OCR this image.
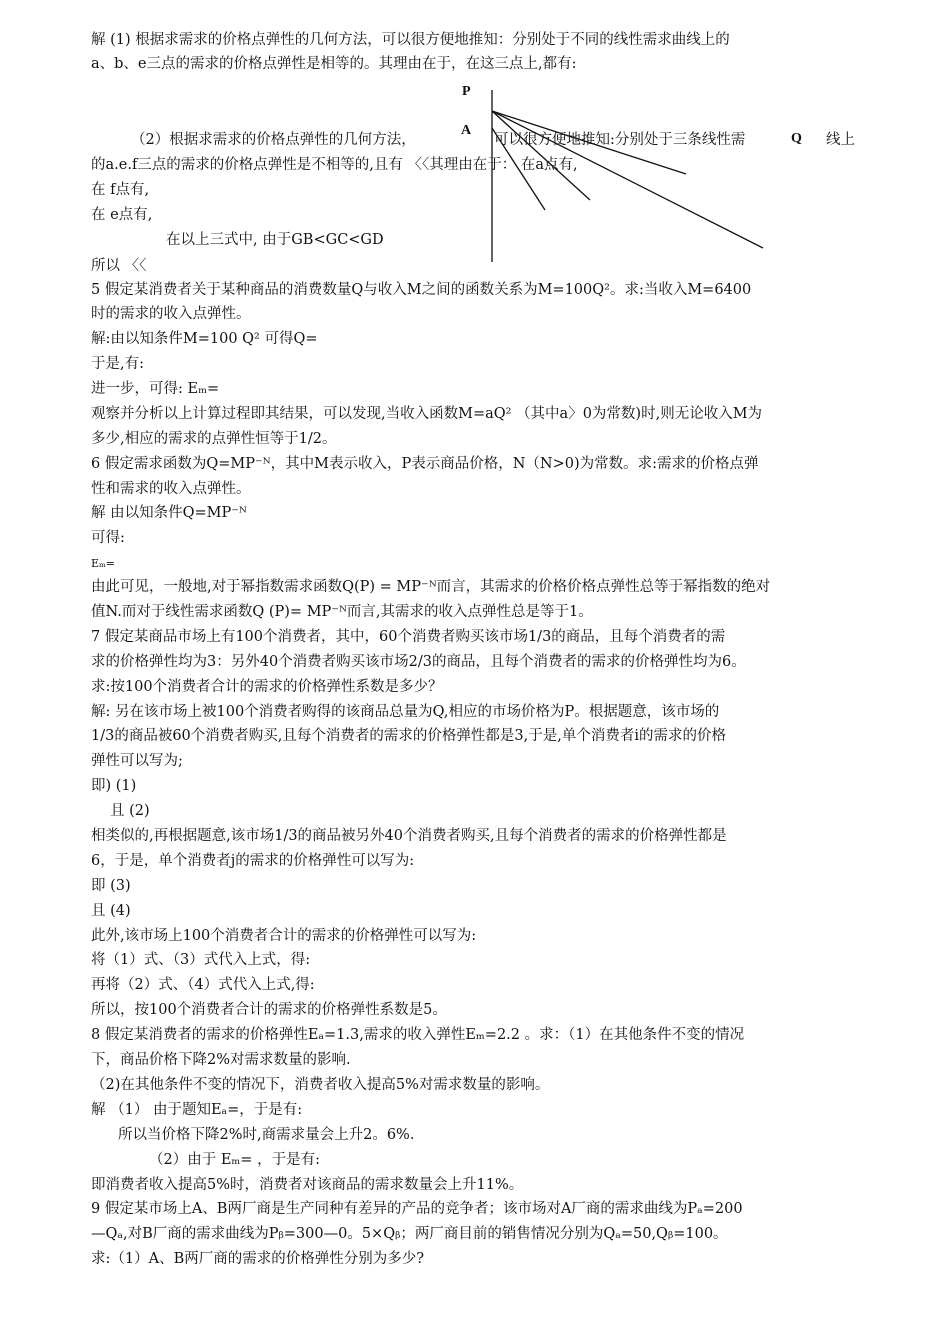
P
A
Q
解 (1) 根据求需求的价格点弹性的几何方法，可以很方便地推知：分别处于不同的线性需求曲线上的
a、b、e三点的需求的价格点弹性是相等的。其理由在于，在这三点上,都有:
（2）根据求需求的价格点弹性的几何方法，	可以很方便地推知:分别处于三条线性需	线上
的a.e.f三点的需求的价格点弹性是不相等的,且有 〈〈其理由在于： 在a点有,
在 f点有,
在 e点有,
在以上三式中, 由于GB<GC<GD
所以 〈〈
5 假定某消费者关于某种商品的消费数量Q与收入M之间的函数关系为M=100Q²。求:当收入M=6400
时的需求的收入点弹性。
解:由以知条件M=100 Q² 可得Q=
于是,有:
进一步，可得: Eₘ=
观察并分析以上计算过程即其结果，可以发现,当收入函数M=aQ² （其中a〉0为常数)时,则无论收入M为
多少,相应的需求的点弹性恒等于1/2。
6 假定需求函数为Q=MP⁻ᴺ，其中M表示收入，P表示商品价格，N（N>0)为常数。求:需求的价格点弹
性和需求的收入点弹性。
解 由以知条件Q=MP⁻ᴺ
可得:
Eₘ=
由此可见，一般地,对于幂指数需求函数Q(P) = MP⁻ᴺ而言，其需求的价格价格点弹性总等于幂指数的绝对
值N.而对于线性需求函数Q (P)= MP⁻ᴺ而言,其需求的收入点弹性总是等于1。
7 假定某商品市场上有100个消费者，其中，60个消费者购买该市场1/3的商品，且每个消费者的需
求的价格弹性均为3：另外40个消费者购买该市场2/3的商品，且每个消费者的需求的价格弹性均为6。
求:按100个消费者合计的需求的价格弹性系数是多少？
解: 另在该市场上被100个消费者购得的该商品总量为Q,相应的市场价格为P。根据题意，该市场的
1/3的商品被60个消费者购买,且每个消费者的需求的价格弹性都是3,于是,单个消费者i的需求的价格
弹性可以写为;
即) (1)
且 (2)
相类似的,再根据题意,该市场1/3的商品被另外40个消费者购买,且每个消费者的需求的价格弹性都是
6，于是，单个消费者j的需求的价格弹性可以写为:
即 (3)
且 (4)
此外,该市场上100个消费者合计的需求的价格弹性可以写为:
将（1）式、（3）式代入上式，得:
再将（2）式、（4）式代入上式,得:
所以，按100个消费者合计的需求的价格弹性系数是5。
8 假定某消费者的需求的价格弹性Eₐ=1.3,需求的收入弹性Eₘ=2.2 。求：（1）在其他条件不变的情况
下，商品价格下降2%对需求数量的影响.
（2)在其他条件不变的情况下，消费者收入提高5%对需求数量的影响。
解 （1） 由于题知Eₐ=，于是有:
所以当价格下降2%时,商需求量会上升2。6%.
（2）由于 Eₘ= ，于是有:
即消费者收入提高5%时，消费者对该商品的需求数量会上升11%。
9 假定某市场上A、B两厂商是生产同种有差异的产品的竞争者；该市场对A厂商的需求曲线为Pₐ=200
—Qₐ,对B厂商的需求曲线为Pᵦ=300—0。5×Qᵦ；两厂商目前的销售情况分别为Qₐ=50,Qᵦ=100。
求:（1）A、B两厂商的需求的价格弹性分别为多少?
